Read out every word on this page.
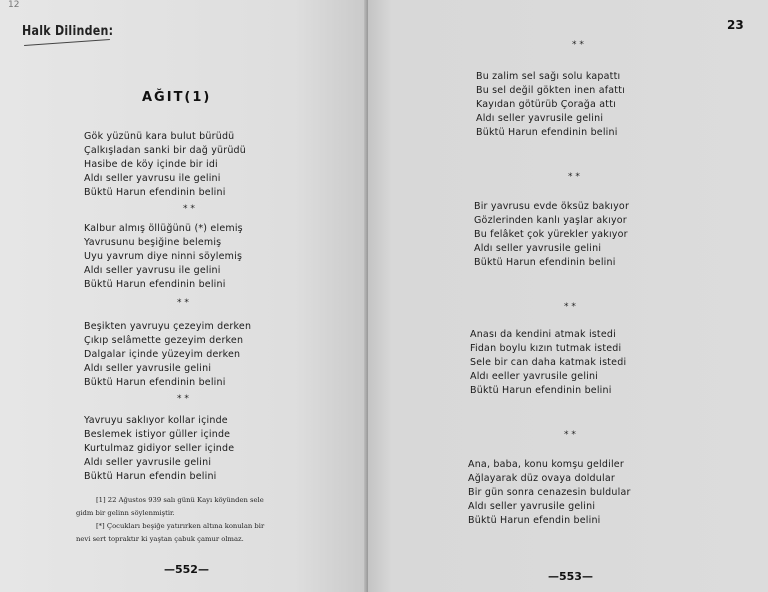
12
Halk Dilinden:
AĞIT(1)
Gök yüzünü kara bulut bürüdü
Çalkışladan sanki bir dağ yürüdü
Hasibe de köy içinde bir idi
Aldı seller yavrusu ile gelini
Büktü Harun efendinin belini
* *
Kalbur almış öllüğünü (*) elemiş
Yavrusunu beşiğine belemiş
Uyu yavrum diye ninni söylemiş
Aldı seller yavrusu ile gelini
Büktü Harun efendinin belini
* *
Beşikten yavruyu çezeyim derken
Çıkıp selâmette gezeyim derken
Dalgalar içinde yüzeyim derken
Aldı seller yavrusile gelini
Büktü Harun efendinin belini
* *
Yavruyu saklıyor kollar içinde
Beslemek istiyor güller içinde
Kurtulmaz gidiyor seller içinde
Aldı seller yavrusile gelini
Büktü Harun efendin belini
[1] 22 Ağustos 939 salı günü Kayı köyünden sele
gidm bir gelinn söylenmiştir.
[*] Çocukları beşiğe yatırırken altına konulan bir
nevi sert topraktır ki yaştan çabuk çamur olmaz.
—552—
23
* *
Bu zalim sel sağı solu kapattı
Bu sel değil gökten inen afattı
Kayıdan götürüb Çorağa attı
Aldı seller yavrusile gelini
Büktü Harun efendinin belini
* *
Bir yavrusu evde öksüz bakıyor
Gözlerinden kanlı yaşlar akıyor
Bu felâket çok yürekler yakıyor
Aldı seller yavrusile gelini
Büktü Harun efendinin belini
* *
Anası da kendini atmak istedi
Fidan boylu kızın tutmak istedi
Sele bir can daha katmak istedi
Aldı eeller yavrusile gelini
Büktü Harun efendinin belini
* *
Ana, baba, konu komşu geldiler
Ağlayarak düz ovaya doldular
Bir gün sonra cenazesin buldular
Aldı seller yavrusile gelini
Büktü Harun efendin belini
—553—
